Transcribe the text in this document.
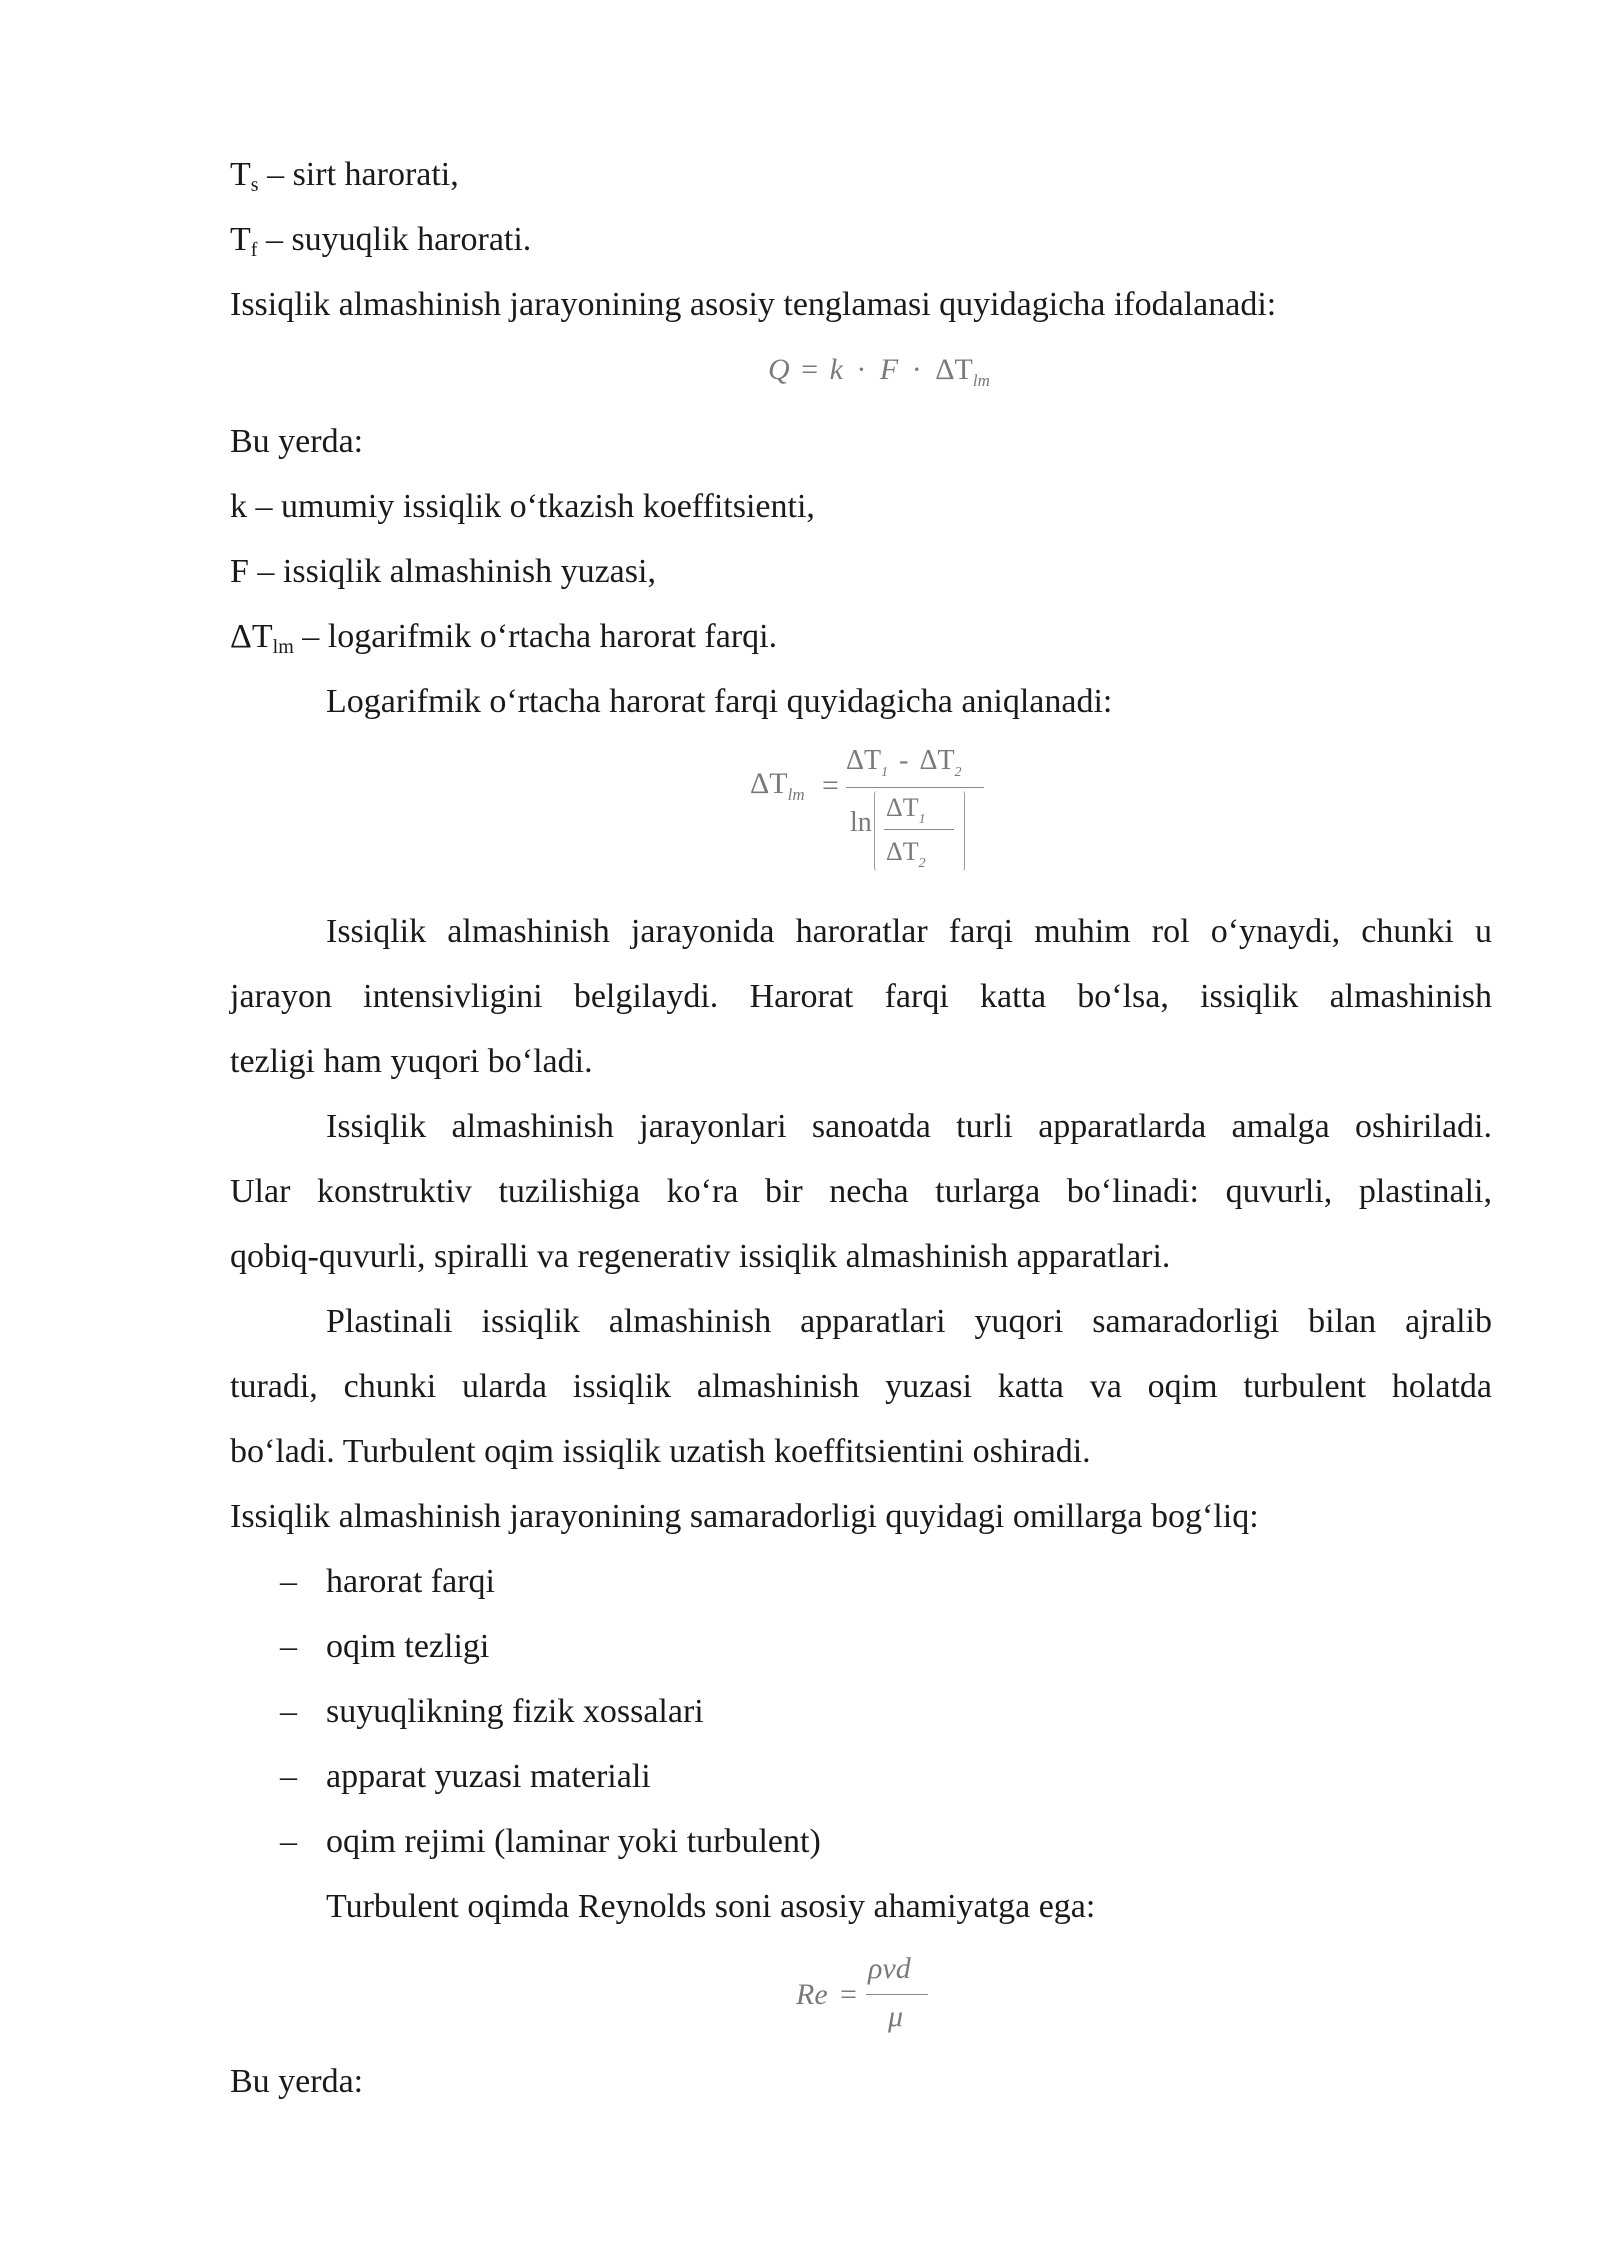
$T_s$ – sirt harorati,
$T_f$ – suyuqlik harorati.
Issiqlik almashinish jarayonining asosiy tenglamasi quyidagicha ifodalanadi:
$Q = k \cdot F \cdot \Delta T_{lm}$
Bu yerda:
k – umumiy issiqlik o‘tkazish koeffitsienti,
F – issiqlik almashinish yuzasi,
$\Delta T_{lm}$ – logarifmik o‘rtacha harorat farqi.
Logarifmik o‘rtacha harorat farqi quyidagicha aniqlanadi:
$\Delta T_{lm}$ =
$\Delta T_1 - \Delta T_2$
$\ln \Delta T_1$
$\Delta T_2$
Issiqlik almashinish jarayonida haroratlar farqi muhim rol o‘ynaydi, chunki u
jarayon intensivligini belgilaydi. Harorat farqi katta bo‘lsa, issiqlik almashinish
tezligi ham yuqori bo‘ladi.
Issiqlik almashinish jarayonlari sanoatda turli apparatlarda amalga oshiriladi.
Ular konstruktiv tuzilishiga ko‘ra bir necha turlarga bo‘linadi: quvurli, plastinali,
qobiq-quvurli, spiralli va regenerativ issiqlik almashinish apparatlari.
Plastinali issiqlik almashinish apparatlari yuqori samaradorligi bilan ajralib
turadi, chunki ularda issiqlik almashinish yuzasi katta va oqim turbulent holatda
bo‘ladi. Turbulent oqim issiqlik uzatish koeffitsientini oshiradi.
Issiqlik almashinish jarayonining samaradorligi quyidagi omillarga bog‘liq:
– harorat farqi
– oqim tezligi
– suyuqlikning fizik xossalari
– apparat yuzasi materiali
– oqim rejimi (laminar yoki turbulent)
Turbulent oqimda Reynolds soni asosiy ahamiyatga ega:
Re =
ρvd
μ
Bu yerda:
